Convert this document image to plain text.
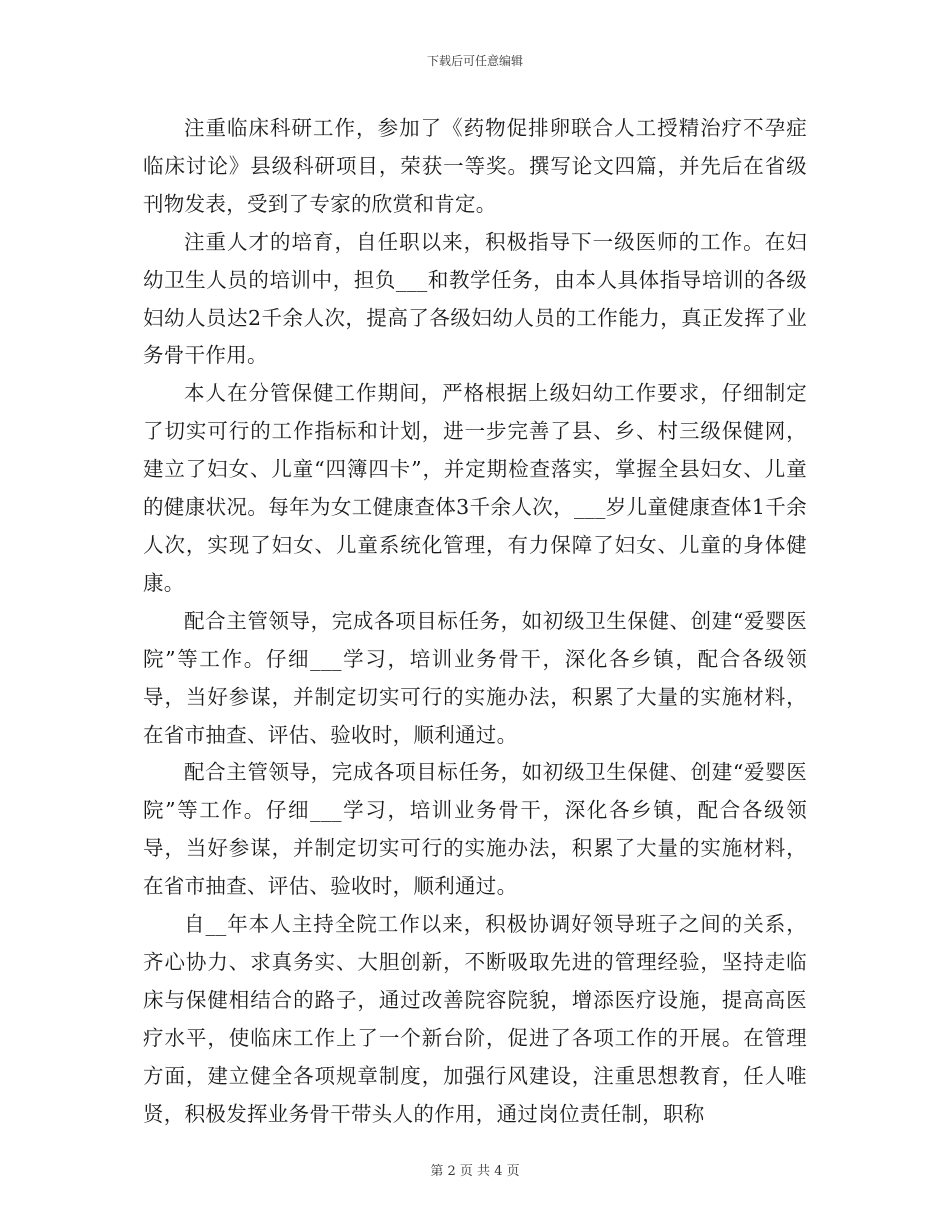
下载后可任意编辑

注重临床科研工作，参加了《药物促排卵联合人工授精治疗不孕症临床讨论》县级科研项目，荣获一等奖。撰写论文四篇，并先后在省级刊物发表，受到了专家的欣赏和肯定。

注重人才的培育，自任职以来，积极指导下一级医师的工作。在妇幼卫生人员的培训中，担负___和教学任务，由本人具体指导培训的各级妇幼人员达2千余人次，提高了各级妇幼人员的工作能力，真正发挥了业务骨干作用。

本人在分管保健工作期间，严格根据上级妇幼工作要求，仔细制定了切实可行的工作指标和计划，进一步完善了县、乡、村三级保健网，建立了妇女、儿童“四簿四卡”，并定期检查落实，掌握全县妇女、儿童的健康状况。每年为女工健康查体3千余人次，___岁儿童健康查体1千余人次，实现了妇女、儿童系统化管理，有力保障了妇女、儿童的身体健康。

配合主管领导，完成各项目标任务，如初级卫生保健、创建“爱婴医院”等工作。仔细___学习，培训业务骨干，深化各乡镇，配合各级领导，当好参谋，并制定切实可行的实施办法，积累了大量的实施材料，在省市抽查、评估、验收时，顺利通过。

配合主管领导，完成各项目标任务，如初级卫生保健、创建“爱婴医院”等工作。仔细___学习，培训业务骨干，深化各乡镇，配合各级领导，当好参谋，并制定切实可行的实施办法，积累了大量的实施材料，在省市抽查、评估、验收时，顺利通过。

自__年本人主持全院工作以来，积极协调好领导班子之间的关系，齐心协力、求真务实、大胆创新，不断吸取先进的管理经验，坚持走临床与保健相结合的路子，通过改善院容院貌，增添医疗设施，提高高医疗水平，使临床工作上了一个新台阶，促进了各项工作的开展。在管理方面，建立健全各项规章制度，加强行风建设，注重思想教育，任人唯贤，积极发挥业务骨干带头人的作用，通过岗位责任制，职称

第 2 页 共 4 页
